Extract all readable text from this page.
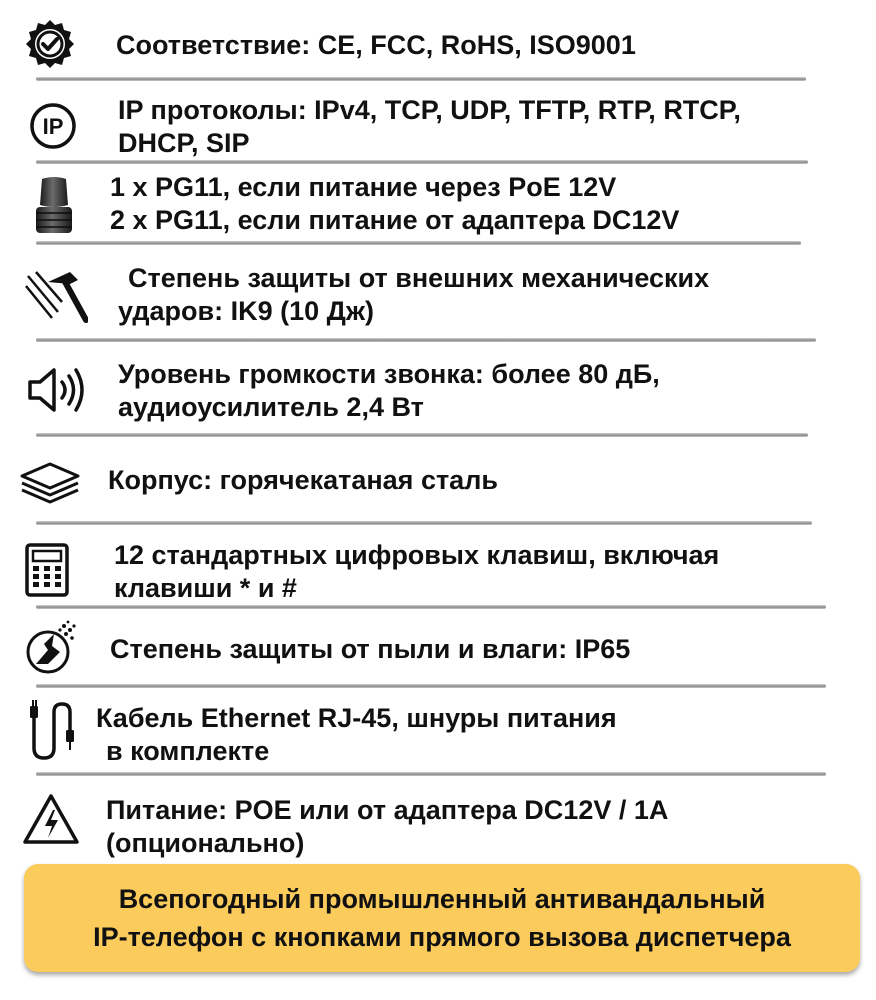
Соответствие: CE, FCC, RoHS, ISO9001
IP
IP протоколы: IPv4, TCP, UDP, TFTP, RTP, RTCP,
DHCP, SIP
1 x PG11, если питание через PoE 12V
2 x PG11, если питание от адаптера DC12V
Степень защиты от внешних механических
ударов: IK9 (10 Дж)
Уровень громкости звонка: более 80 дБ,
аудиоусилитель 2,4 Вт
Корпус: горячекатаная сталь
12 стандартных цифровых клавиш, включая
клавиши * и #
Степень защиты от пыли и влаги: IP65
Кабель Ethernet RJ-45, шнуры питания
в комплекте
Питание: POE или от адаптера DC12V / 1A
(опционально)
Всепогодный промышленный антивандальный
IP-телефон с кнопками прямого вызова диспетчера
